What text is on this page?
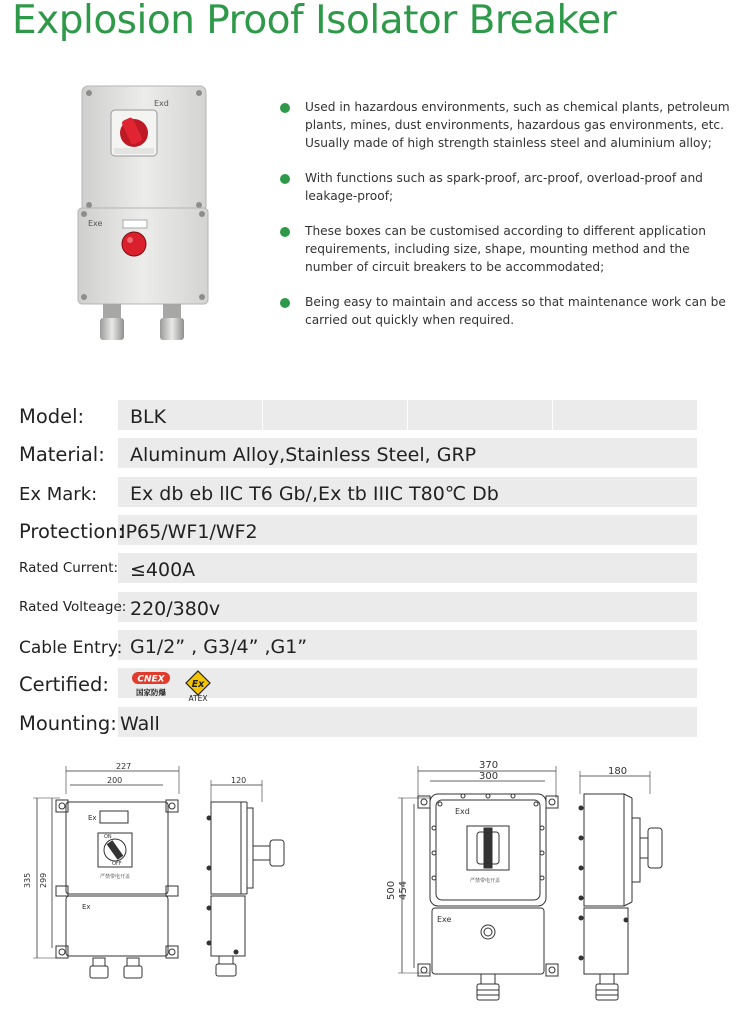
Explosion Proof Isolator Breaker
Exd
Exe
Used in hazardous environments, such as chemical plants, petroleum plants, mines, dust environments, hazardous gas environments, etc. Usually made of high strength stainless steel and aluminium alloy;
With functions such as spark-proof, arc-proof, overload-proof and leakage-proof;
These boxes can be customised according to different application requirements, including size, shape, mounting method and the number of circuit breakers to be accommodated;
Being easy to maintain and access so that maintenance work can be carried out quickly when required.
Model: BLK
Material: Aluminum Alloy,Stainless Steel, GRP
Ex Mark: Ex db eb llC T6 Gb/,Ex tb IIIC T80℃ Db
Protection:
IP65/WF1/WF2
Rated Current: ≤400A
Rated Volteage: 220/380v
Cable Entry: G1/2” , G3/4” ,G1”
Certified:	CNEX
国家防爆
Ex
ATEX
Mounting: Wall
227
200
335 299
Ex
ON
OFF
严禁带电开盖
Ex
120
370
300
500 454
Exd
严禁带电开盖
Exe
180
